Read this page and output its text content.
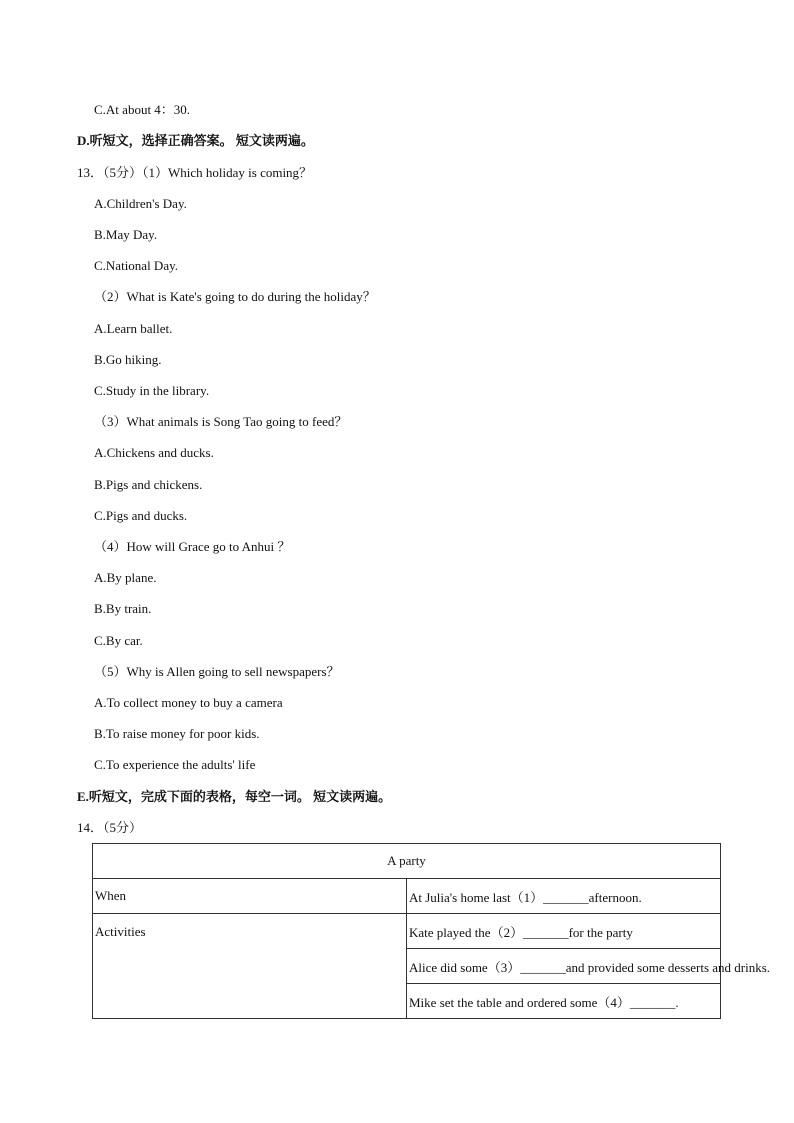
C.At about 4：30.
D.听短文，选择正确答案。 短文读两遍。
13．（5分）（1）Which holiday is coming？
A.Children's Day.
B.May Day.
C.National Day.
（2）What is Kate's going to do during the holiday？
A.Learn ballet.
B.Go hiking.
C.Study in the library.
（3）What animals is Song Tao going to feed？
A.Chickens and ducks.
B.Pigs and chickens.
C.Pigs and ducks.
（4）How will Grace go to Anhui ？
A.By plane.
B.By train.
C.By car.
（5）Why is Allen going to sell newspapers？
A.To collect money to buy a camera
B.To raise money for poor kids.
C.To experience the adults' life
E.听短文，完成下面的表格，每空一词。 短文读两遍。
14．（5分）
A party	
When	At Julia's home last（1）_______afternoon.
Activities	Kate played the（2）_______for the party
	Alice did some（3）_______and provided some desserts and drinks.
	Mike set the table and ordered some（4）_______.
